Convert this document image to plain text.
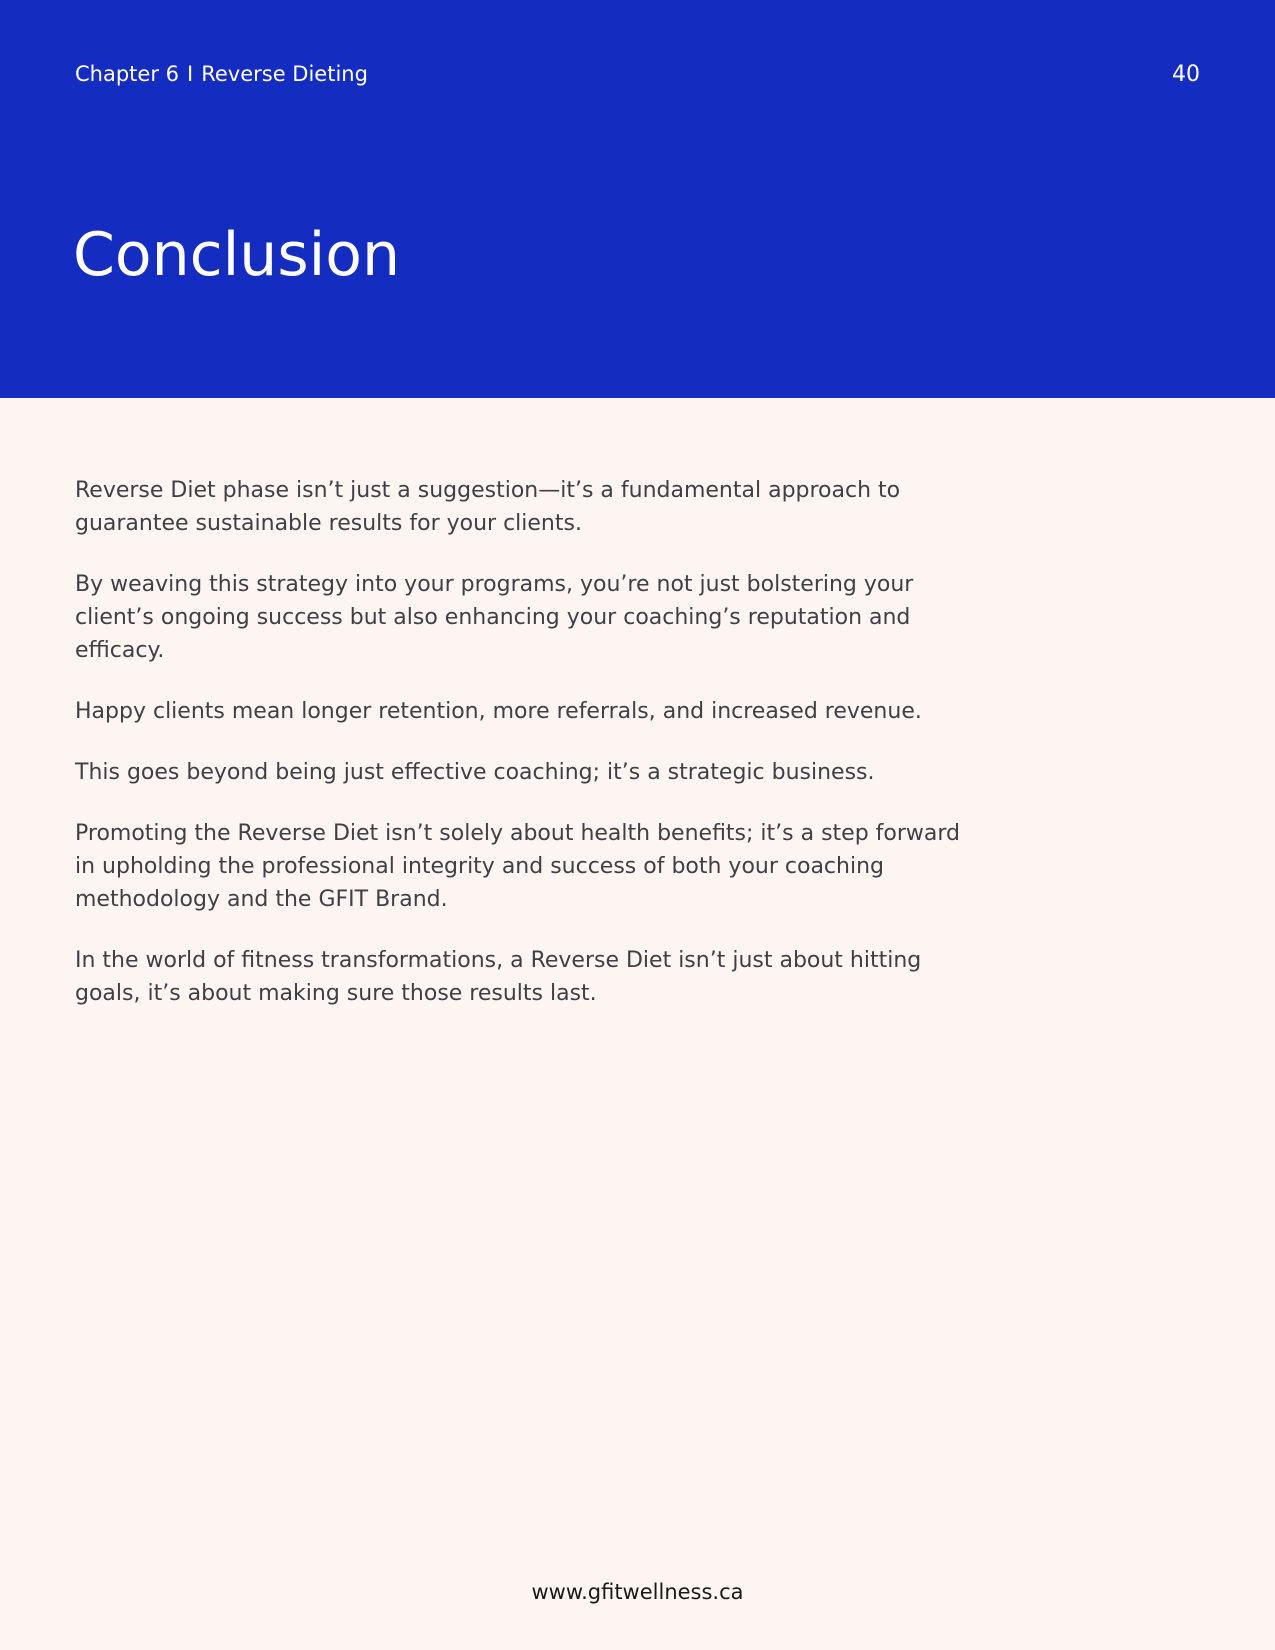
Chapter 6 I Reverse Dieting	40
Conclusion

Reverse Diet phase isn’t just a suggestion—it’s a fundamental approach to guarantee sustainable results for your clients.

By weaving this strategy into your programs, you’re not just bolstering your client’s ongoing success but also enhancing your coaching’s reputation and efficacy.

Happy clients mean longer retention, more referrals, and increased revenue.

This goes beyond being just effective coaching; it’s a strategic business.

Promoting the Reverse Diet isn’t solely about health benefits; it’s a step forward in upholding the professional integrity and success of both your coaching methodology and the GFIT Brand.

In the world of fitness transformations, a Reverse Diet isn’t just about hitting goals, it’s about making sure those results last.

www.gfitwellness.ca
